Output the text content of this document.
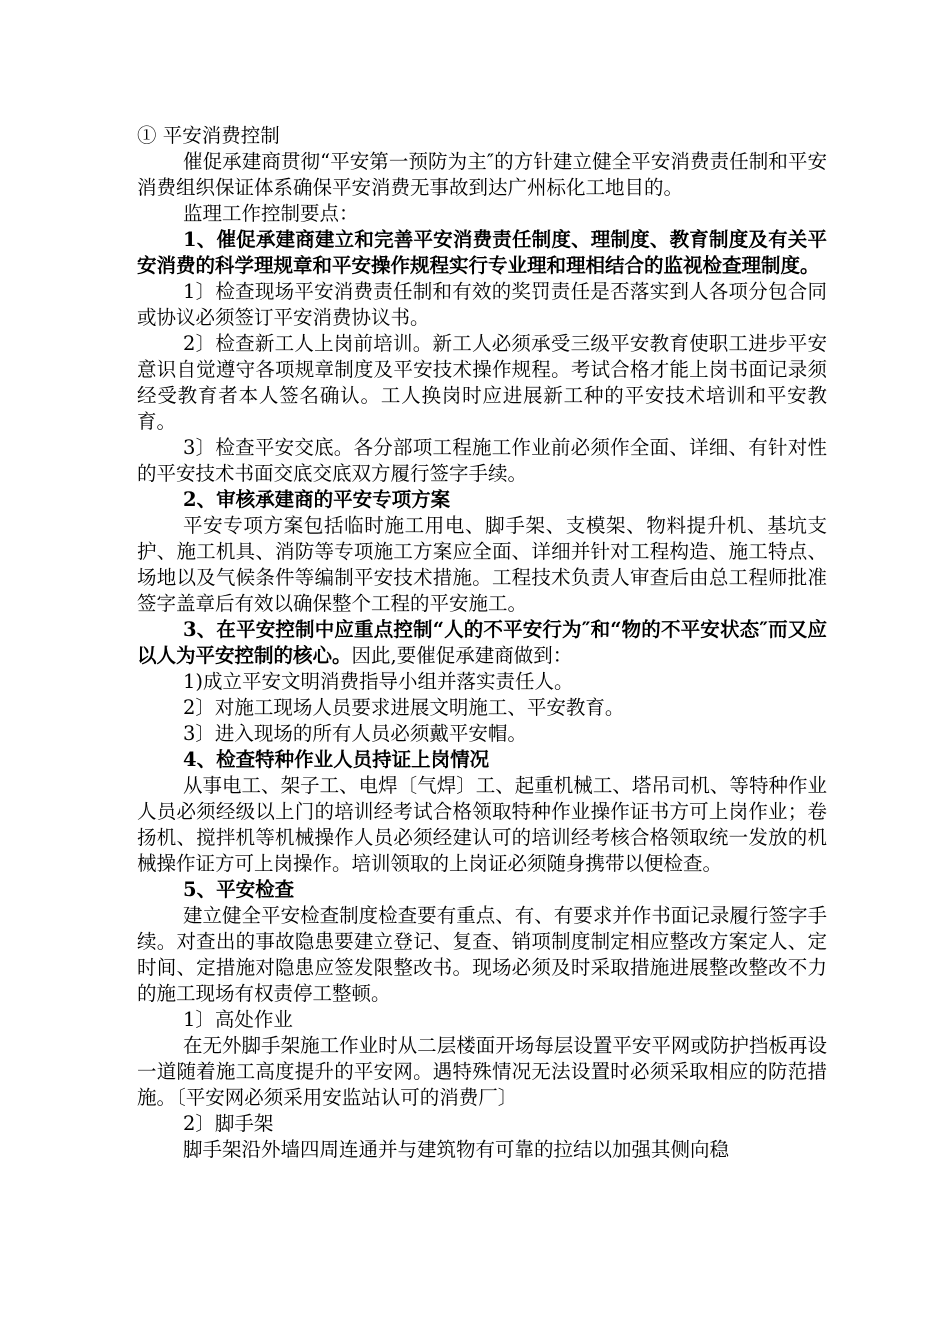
① 平安消费控制

催促承建商贯彻“平安第一预防为主″的方针建立健全平安消费责任制和平安消费组织保证体系确保平安消费无事故到达广州标化工地目的。

监理工作控制要点：

1、催促承建商建立和完善平安消费责任制度、理制度、教育制度及有关平安消费的科学理规章和平安操作规程实行专业理和理相结合的监视检查理制度。

1〕检查现场平安消费责任制和有效的奖罚责任是否落实到人各项分包合同或协议必须签订平安消费协议书。

2〕检查新工人上岗前培训。新工人必须承受三级平安教育使职工进步平安意识自觉遵守各项规章制度及平安技术操作规程。考试合格才能上岗书面记录须经受教育者本人签名确认。工人换岗时应进展新工种的平安技术培训和平安教育。

3〕检查平安交底。各分部项工程施工作业前必须作全面、详细、有针对性的平安技术书面交底交底双方履行签字手续。

2、审核承建商的平安专项方案

平安专项方案包括临时施工用电、脚手架、支模架、物料提升机、基坑支护、施工机具、消防等专项施工方案应全面、详细并针对工程构造、施工特点、场地以及气候条件等编制平安技术措施。工程技术负责人审查后由总工程师批准签字盖章后有效以确保整个工程的平安施工。

3、在平安控制中应重点控制“人的不平安行为″和“物的不平安状态″而又应以人为平安控制的核心。因此,要催促承建商做到：

1)成立平安文明消费指导小组并落实责任人。

2〕对施工现场人员要求进展文明施工、平安教育。

3〕进入现场的所有人员必须戴平安帽。

4、检查特种作业人员持证上岗情况

从事电工、架子工、电焊〔气焊〕工、起重机械工、塔吊司机、等特种作业人员必须经级以上门的培训经考试合格领取特种作业操作证书方可上岗作业；卷扬机、搅拌机等机械操作人员必须经建认可的培训经考核合格领取统一发放的机械操作证方可上岗操作。培训领取的上岗证必须随身携带以便检查。

5、平安检查

建立健全平安检查制度检查要有重点、有、有要求并作书面记录履行签字手续。对查出的事故隐患要建立登记、复查、销项制度制定相应整改方案定人、定时间、定措施对隐患应签发限整改书。现场必须及时采取措施进展整改整改不力的施工现场有权责停工整顿。

1〕高处作业

在无外脚手架施工作业时从二层楼面开场每层设置平安平网或防护挡板再设一道随着施工高度提升的平安网。遇特殊情况无法设置时必须采取相应的防范措施。〔平安网必须采用安监站认可的消费厂〕

2〕脚手架

脚手架沿外墙四周连通并与建筑物有可靠的拉结以加强其侧向稳
